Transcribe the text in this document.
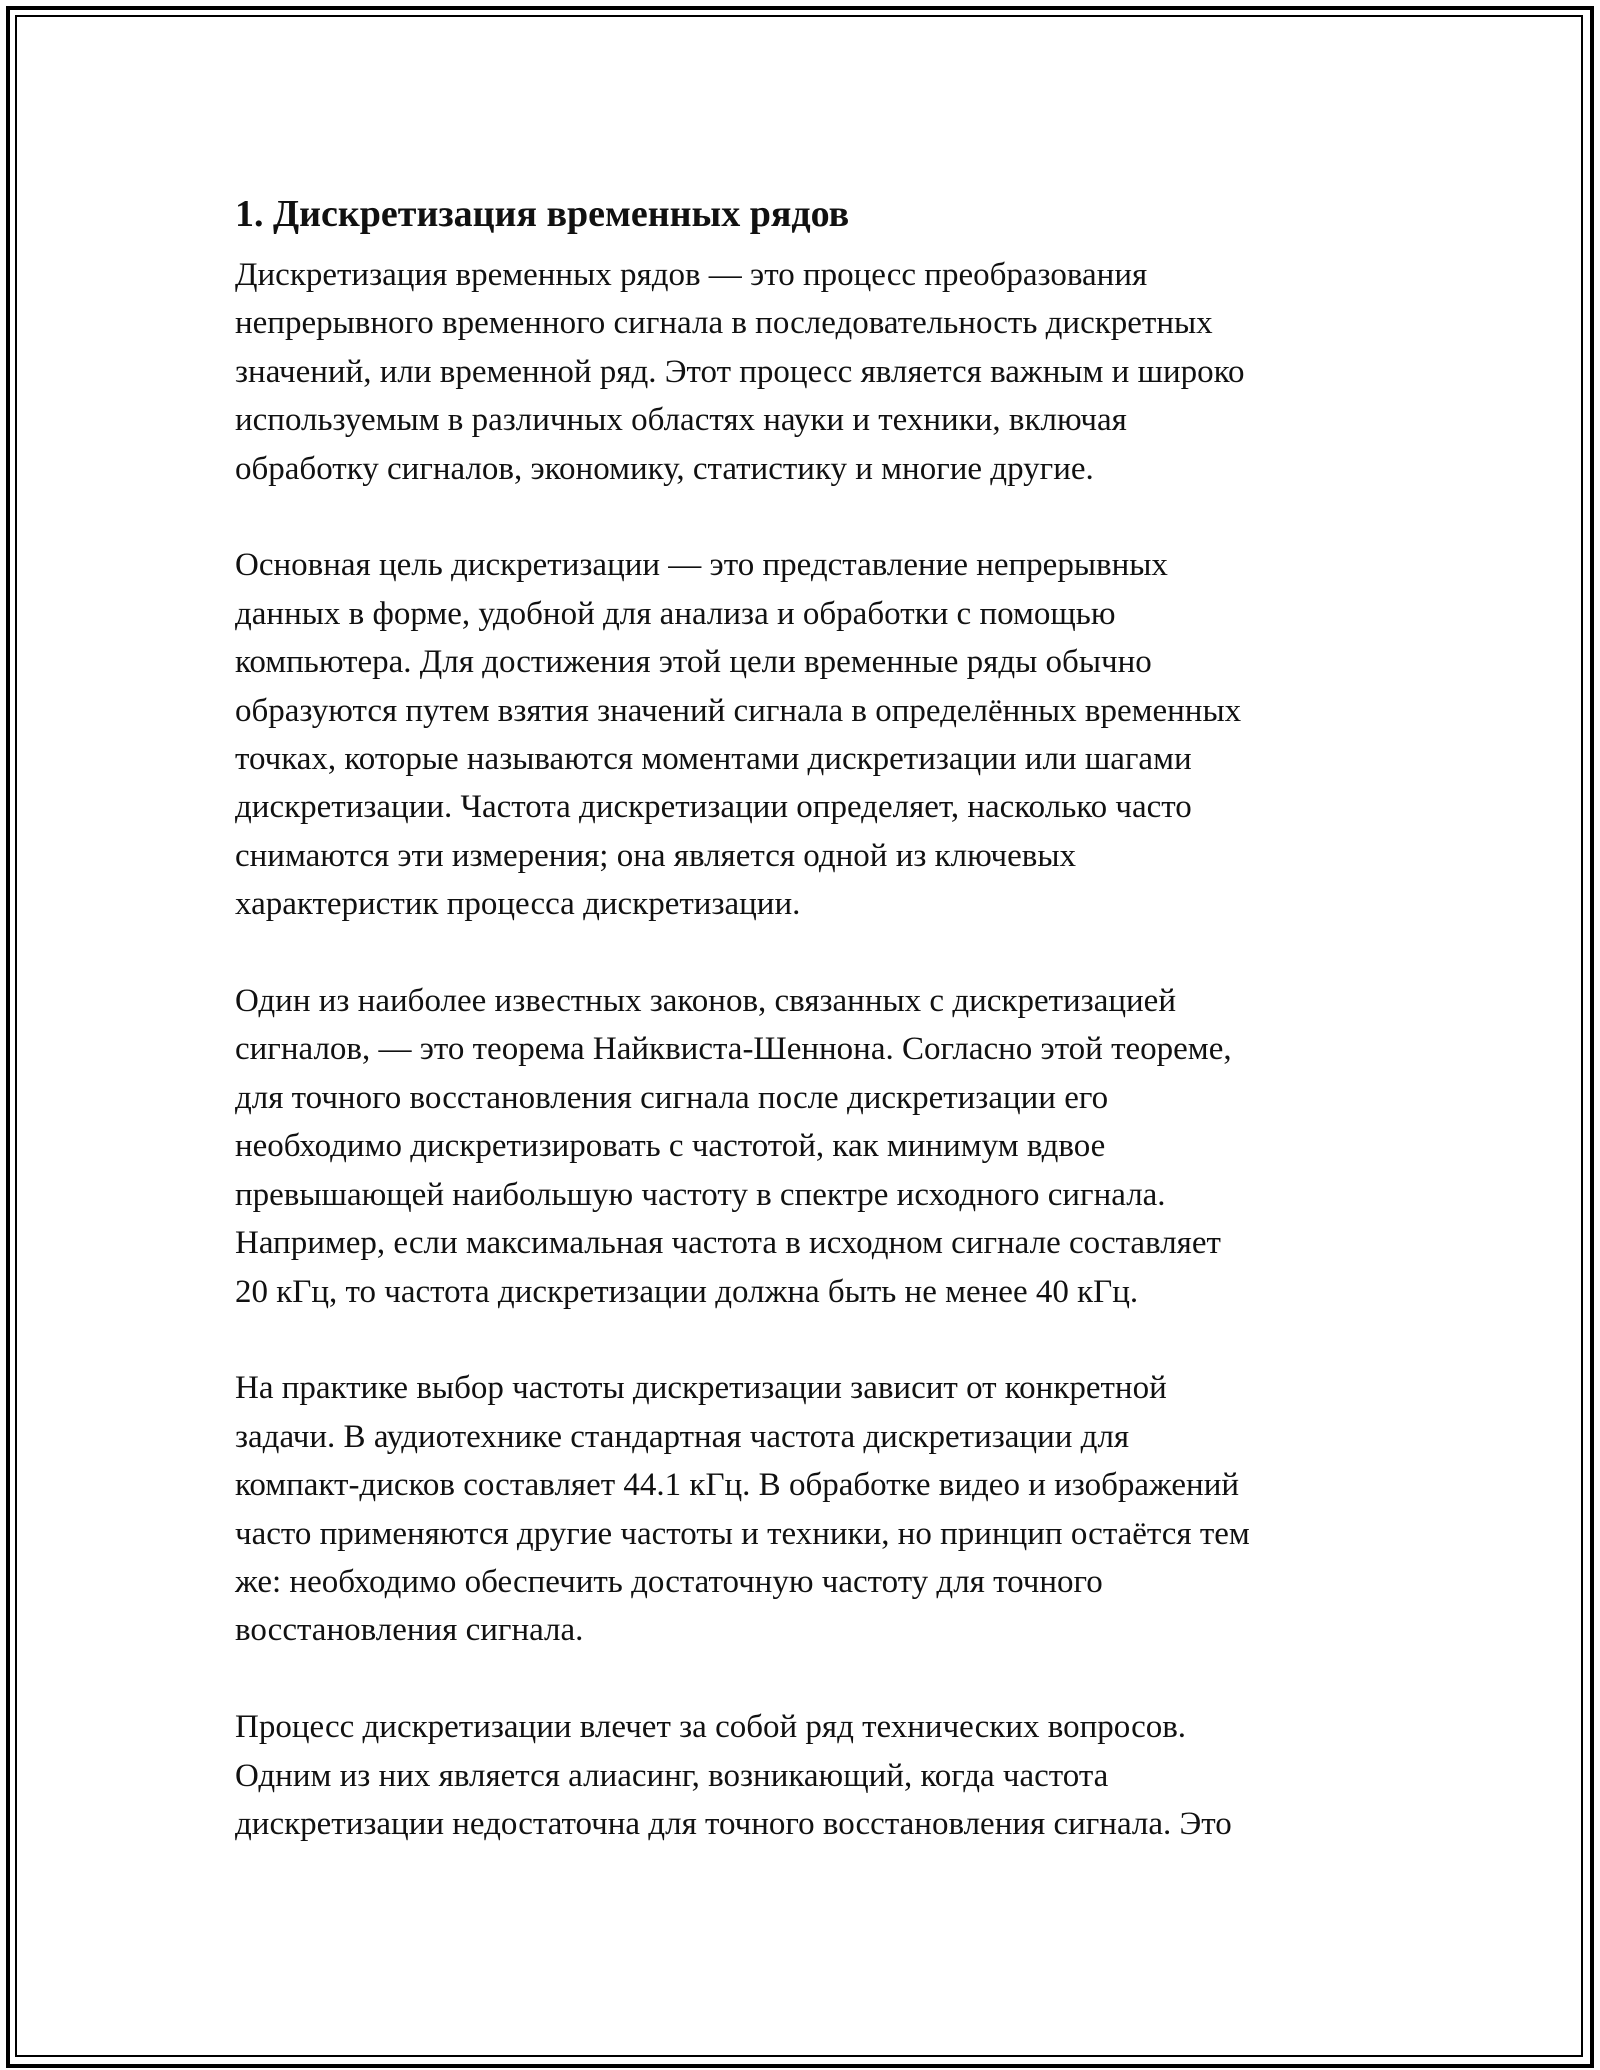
1. Дискретизация временных рядов

Дискретизация временных рядов — это процесс преобразования
непрерывного временного сигнала в последовательность дискретных
значений, или временной ряд. Этот процесс является важным и широко
используемым в различных областях науки и техники, включая
обработку сигналов, экономику, статистику и многие другие.

Основная цель дискретизации — это представление непрерывных
данных в форме, удобной для анализа и обработки с помощью
компьютера. Для достижения этой цели временные ряды обычно
образуются путем взятия значений сигнала в определённых временных
точках, которые называются моментами дискретизации или шагами
дискретизации. Частота дискретизации определяет, насколько часто
снимаются эти измерения; она является одной из ключевых
характеристик процесса дискретизации.

Один из наиболее известных законов, связанных с дискретизацией
сигналов, — это теорема Найквиста-Шеннона. Согласно этой теореме,
для точного восстановления сигнала после дискретизации его
необходимо дискретизировать с частотой, как минимум вдвое
превышающей наибольшую частоту в спектре исходного сигнала.
Например, если максимальная частота в исходном сигнале составляет
20 кГц, то частота дискретизации должна быть не менее 40 кГц.

На практике выбор частоты дискретизации зависит от конкретной
задачи. В аудиотехнике стандартная частота дискретизации для
компакт-дисков составляет 44.1 кГц. В обработке видео и изображений
часто применяются другие частоты и техники, но принцип остаётся тем
же: необходимо обеспечить достаточную частоту для точного
восстановления сигнала.

Процесс дискретизации влечет за собой ряд технических вопросов.
Одним из них является алиасинг, возникающий, когда частота
дискретизации недостаточна для точного восстановления сигнала. Это
